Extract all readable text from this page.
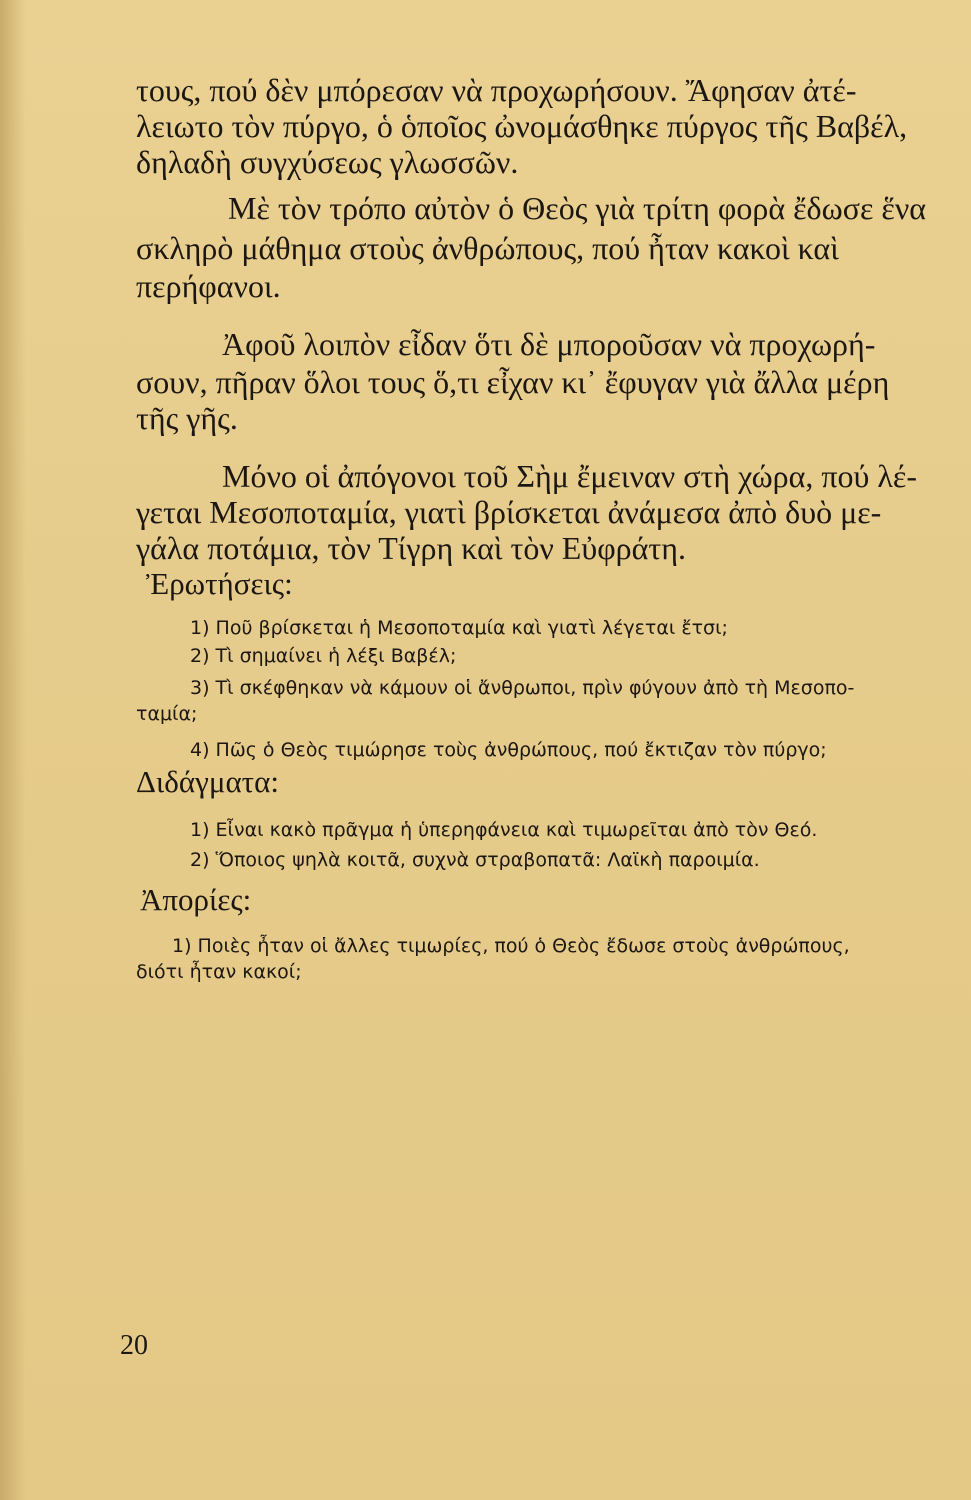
τους, πού δὲν μπόρεσαν νὰ προχωρήσουν. Ἄφησαν ἀτέ-
λειωτο τὸν πύργο, ὁ ὁποῖος ὠνομάσθηκε πύργος τῆς Βαβέλ,
δηλαδὴ συγχύσεως γλωσσῶν.
Μὲ τὸν τρόπο αὐτὸν ὁ Θεὸς γιὰ τρίτη φορὰ ἔδωσε ἕνα
σκληρὸ μάθημα στοὺς ἀνθρώπους, πού ἦταν κακοὶ καὶ
περήφανοι.
Ἀφοῦ λοιπὸν εἶδαν ὅτι δὲ μποροῦσαν νὰ προχωρή-
σουν, πῆραν ὅλοι τους ὅ,τι εἶχαν κι᾿ ἔφυγαν γιὰ ἄλλα μέρη
τῆς γῆς.
Μόνο οἱ ἀπόγονοι τοῦ Σὴμ ἔμειναν στὴ χώρα, πού λέ-
γεται Μεσοποταμία, γιατὶ βρίσκεται ἀνάμεσα ἀπὸ δυὸ με-
γάλα ποτάμια, τὸν Τίγρη καὶ τὸν Εὐφράτη.
Ἐρωτήσεις:
1) Ποῦ βρίσκεται ἡ Μεσοποταμία καὶ γιατὶ λέγεται ἔτσι;
2) Τὶ σημαίνει ἡ λέξι Βαβέλ;
3) Τὶ σκέφθηκαν νὰ κάμουν οἱ ἄνθρωποι, πρὶν φύγουν ἀπὸ τὴ Μεσοπο-
ταμία;
4) Πῶς ὁ Θεὸς τιμώρησε τοὺς ἀνθρώπους, πού ἔκτιζαν τὸν πύργο;
Διδάγματα:
1) Εἶναι κακὸ πρᾶγμα ἡ ὑπερηφάνεια καὶ τιμωρεῖται ἀπὸ τὸν Θεό.
2) Ὅποιος ψηλὰ κοιτᾶ, συχνὰ στραβοπατᾶ: Λαϊκὴ παροιμία.
Ἀπορίες:
1) Ποιὲς ἦταν οἱ ἄλλες τιμωρίες, πού ὁ Θεὸς ἔδωσε στοὺς ἀνθρώπους,
διότι ἦταν κακοί;
20
